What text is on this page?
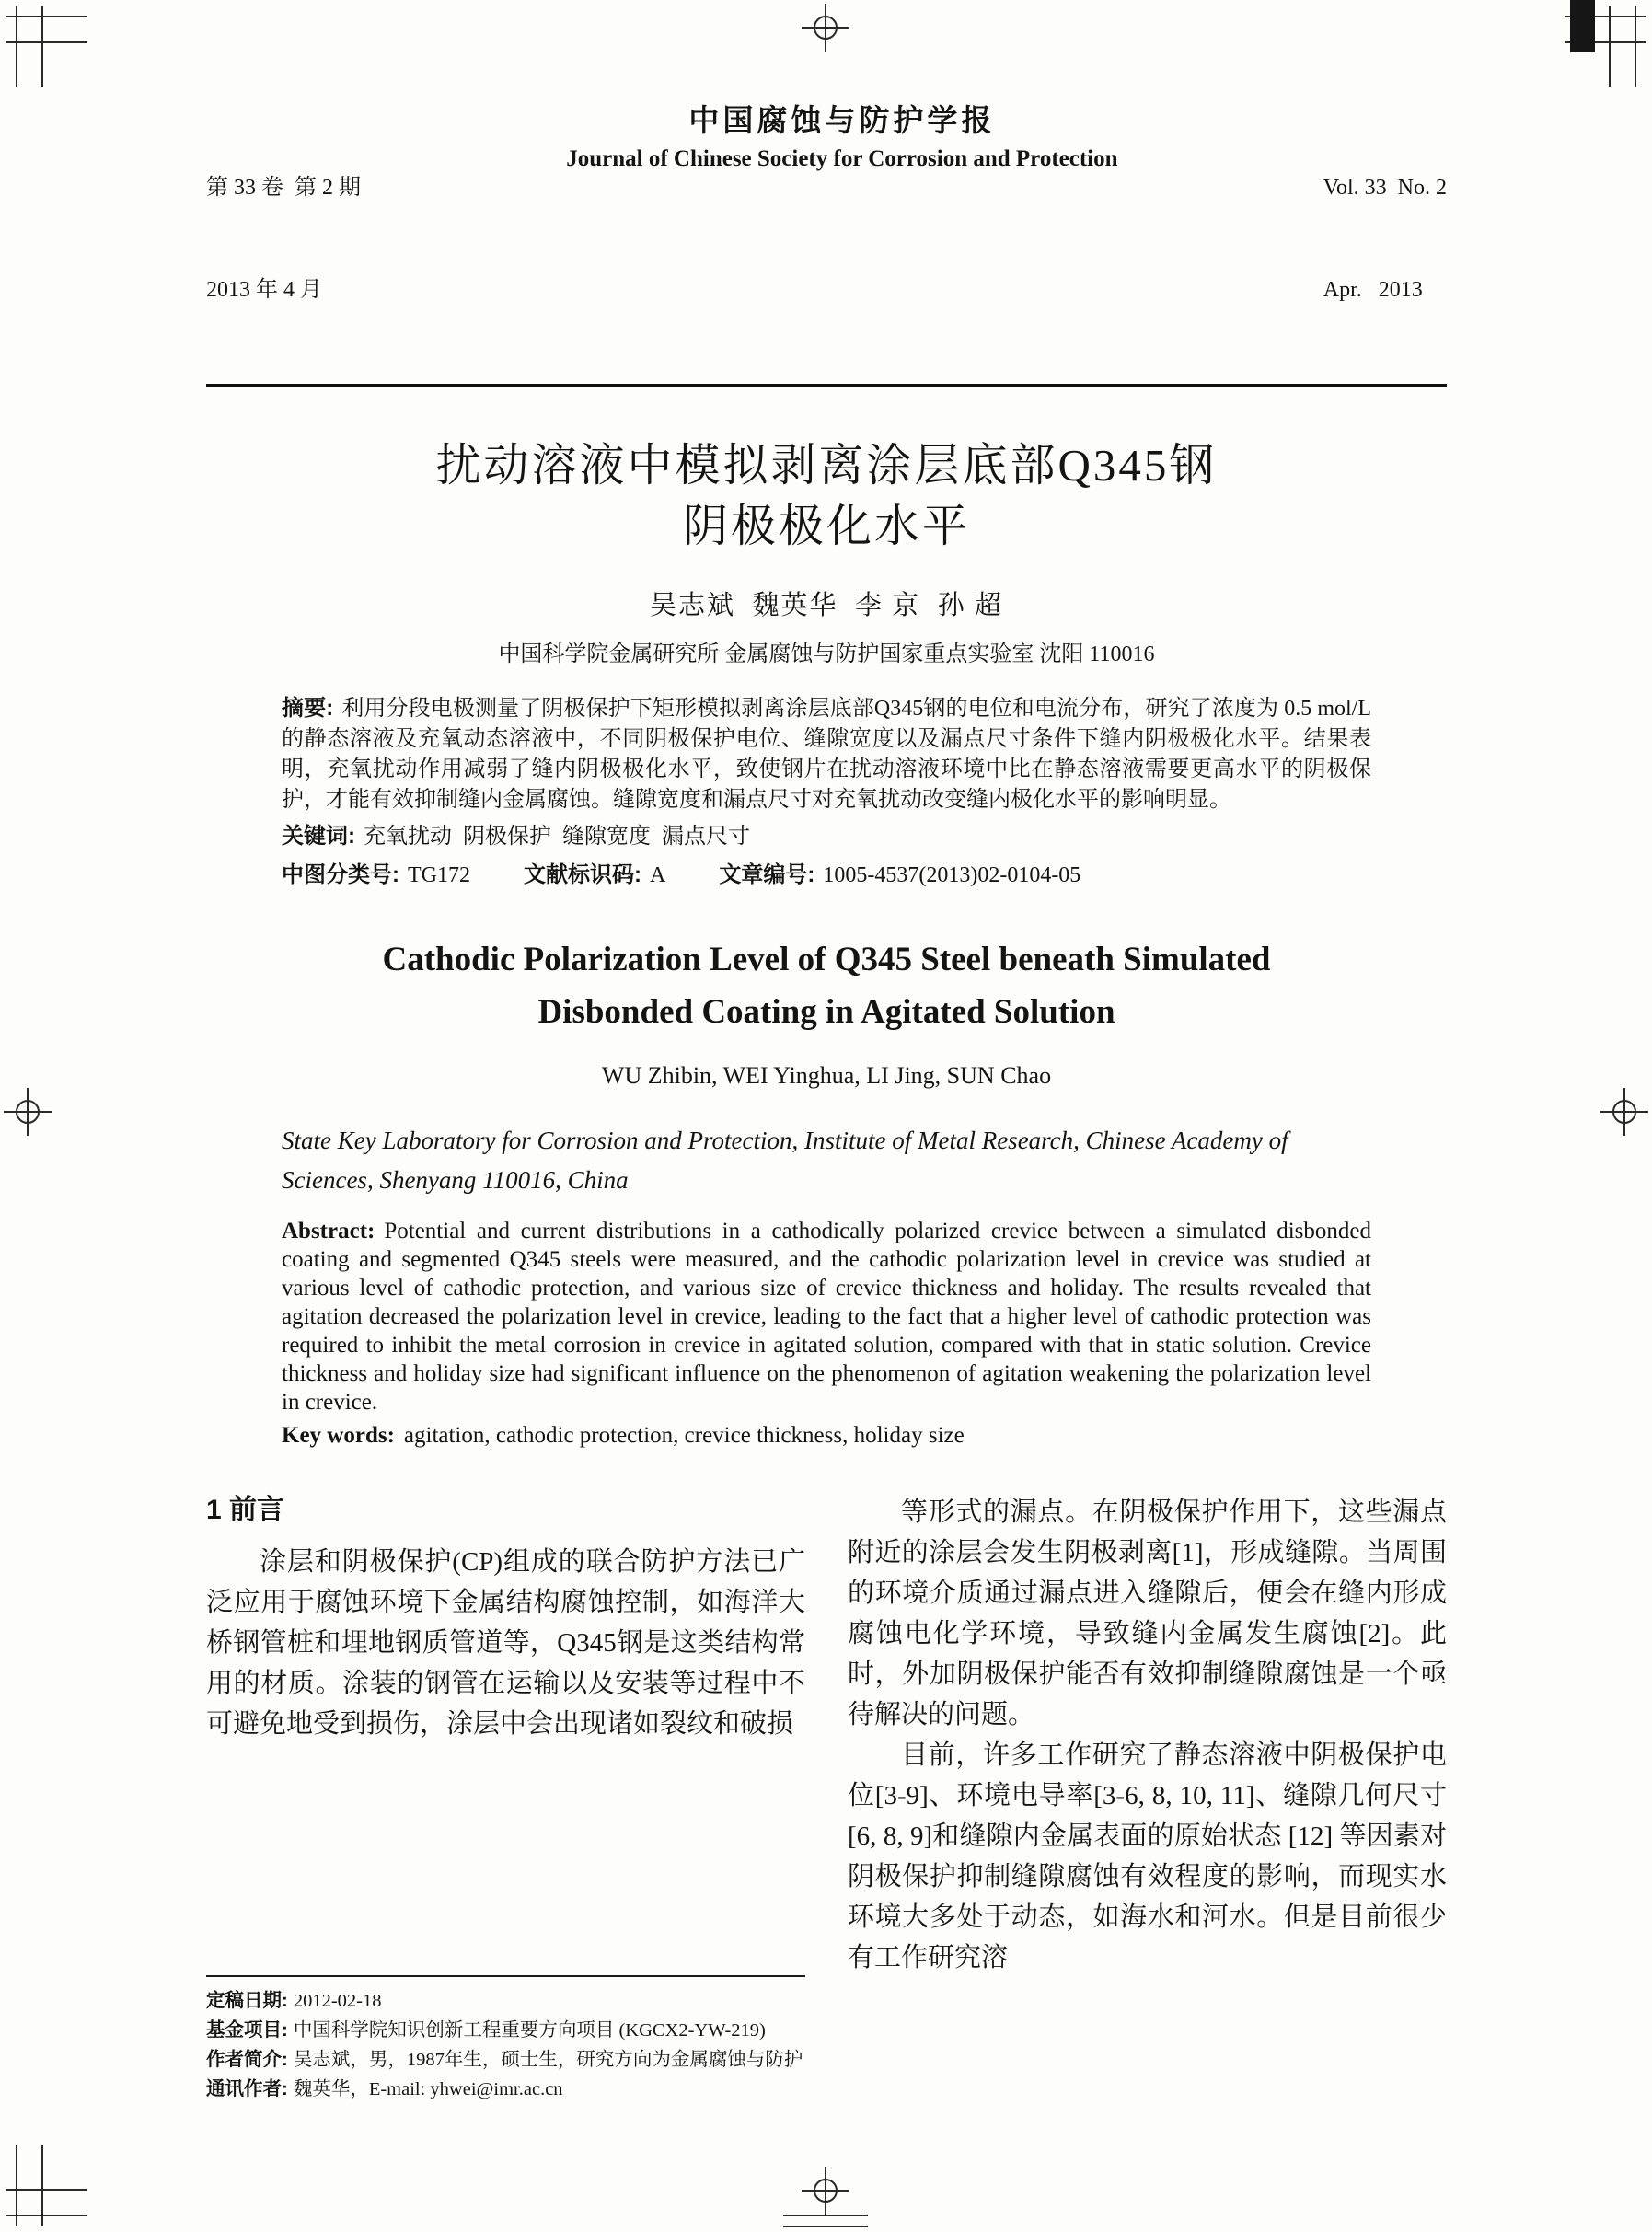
第 33 卷  第 2 期

2013 年 4 月

中国腐蚀与防护学报
Journal of Chinese Society for Corrosion and Protection

Vol. 33  No. 2

Apr.   2013

扰动溶液中模拟剥离涂层底部Q345钢
阴极极化水平
吴志斌  魏英华  李 京  孙 超
中国科学院金属研究所 金属腐蚀与防护国家重点实验室 沈阳 110016
摘要: 利用分段电极测量了阴极保护下矩形模拟剥离涂层底部Q345钢的电位和电流分布，研究了浓度为 0.5 mol/L 的静态溶液及充氧动态溶液中，不同阴极保护电位、缝隙宽度以及漏点尺寸条件下缝内阴极极化水平。结果表明，充氧扰动作用减弱了缝内阴极极化水平，致使钢片在扰动溶液环境中比在静态溶液需要更高水平的阴极保护，才能有效抑制缝内金属腐蚀。缝隙宽度和漏点尺寸对充氧扰动改变缝内极化水平的影响明显。
关键词: 充氧扰动  阴极保护  缝隙宽度  漏点尺寸
中图分类号: TG172 文献标识码: A 文章编号: 1005-4537(2013)02-0104-05
Cathodic Polarization Level of Q345 Steel beneath Simulated
Disbonded Coating in Agitated Solution
WU Zhibin, WEI Yinghua, LI Jing, SUN Chao
State Key Laboratory for Corrosion and Protection, Institute of Metal Research, Chinese Academy of Sciences, Shenyang 110016, China
Abstract: Potential and current distributions in a cathodically polarized crevice between a simulated disbonded coating and segmented Q345 steels were measured, and the cathodic polarization level in crevice was studied at various level of cathodic protection, and various size of crevice thickness and holiday. The results revealed that agitation decreased the polarization level in crevice, leading to the fact that a higher level of cathodic protection was required to inhibit the metal corrosion in crevice in agitated solution, compared with that in static solution. Crevice thickness and holiday size had significant influence on the phenomenon of agitation weakening the polarization level in crevice.
Key words: agitation, cathodic protection, crevice thickness, holiday size
1 前言

涂层和阴极保护(CP)组成的联合防护方法已广泛应用于腐蚀环境下金属结构腐蚀控制，如海洋大桥钢管桩和埋地钢质管道等，Q345钢是这类结构常用的材质。涂装的钢管在运输以及安装等过程中不可避免地受到损伤，涂层中会出现诸如裂纹和破损

定稿日期: 2012-02-18
基金项目: 中国科学院知识创新工程重要方向项目 (KGCX2-YW-219)
作者简介: 吴志斌，男，1987年生，硕士生，研究方向为金属腐蚀与防护
通讯作者: 魏英华，E-mail: yhwei@imr.ac.cn

等形式的漏点。在阴极保护作用下，这些漏点附近的涂层会发生阴极剥离[1]，形成缝隙。当周围的环境介质通过漏点进入缝隙后，便会在缝内形成腐蚀电化学环境，导致缝内金属发生腐蚀[2]。此时，外加阴极保护能否有效抑制缝隙腐蚀是一个亟待解决的问题。

目前，许多工作研究了静态溶液中阴极保护电位[3-9]、环境电导率[3-6, 8, 10, 11]、缝隙几何尺寸[6, 8, 9]和缝隙内金属表面的原始状态 [12] 等因素对阴极保护抑制缝隙腐蚀有效程度的影响，而现实水环境大多处于动态，如海水和河水。但是目前很少有工作研究溶
